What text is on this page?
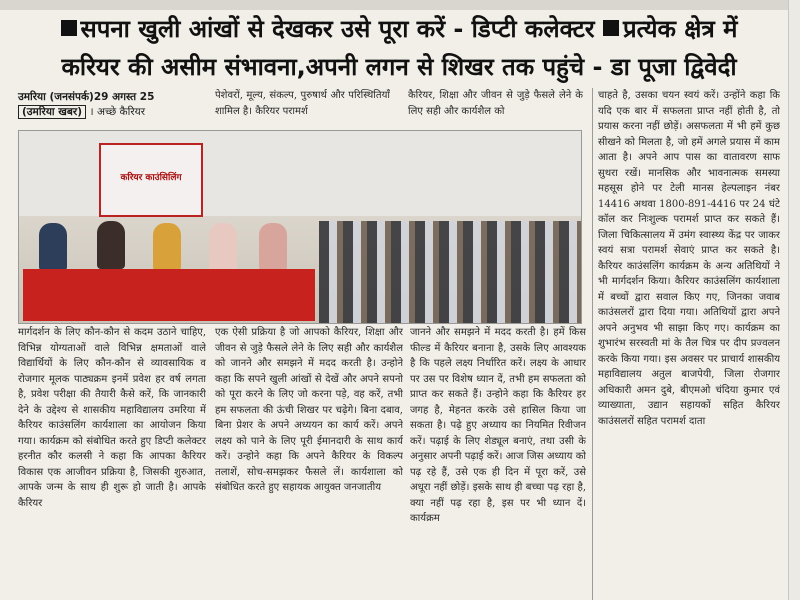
सपना खुली आंखों से देखकर उसे पूरा करें - डिप्टी कलेक्टर प्रत्येक क्षेत्र में
करियर की असीम संभावना,अपनी लगन से शिखर तक पहुंचे - डा पूजा द्विवेदी
उमरिया (जनसंपर्क)29 अगस्त 25
(उमरिया खबर) । अच्छे कैरियर
पेशेवरों, मूल्य, संकल्प, पुरुषार्थ और परिस्थितियाँ शामिल है। कैरियर परामर्श
कैरियर, शिक्षा और जीवन से जुड़े फैसले लेने के लिए सही और कार्यशैल को
करियर काउंसिलिंग
मार्गदर्शन के लिए कौन-कौन से कदम उठाने चाहिए, विभिन्न योग्यताओं वाले विभिन्न क्षमताओं वाले विद्यार्थियों के लिए कौन-कौन से व्यावसायिक व रोजगार मूलक पाठ्यक्रम इनमें प्रवेश हर वर्ष लगता है, प्रवेश परीक्षा की तैयारी कैसे करें, कि जानकारी देने के उद्देश्य से शासकीय महाविद्यालय उमरिया में कैरियर काउंसलिंग कार्यशाला का आयोजन किया गया। कार्यक्रम को संबोधित करते हुए डिप्टी कलेक्टर हरनीत कौर कलसी ने कहा कि आपका कैरियर विकास एक आजीवन प्रक्रिया है, जिसकी शुरुआत, आपके जन्म के साथ ही शुरू हो जाती है। आपके कैरियर
एक ऐसी प्रक्रिया है जो आपको कैरियर, शिक्षा और जीवन से जुड़े फैसले लेने के लिए सही और कार्यशैल को जानने और समझने में मदद करती है। उन्होने कहा कि सपने खुली आंखों से देखें और अपने सपनो को पूरा करने के लिए जो करना पड़े, वह करें, तभी हम सफलता की ऊंची शिखर पर चढ़ेगे। बिना दबाव, बिना प्रेशर के अपने अध्ययन का कार्य करें। अपने लक्ष्य को पाने के लिए पूरी ईमानदारी के साथ कार्य करें। उन्होने कहा कि अपने कैरियर के विकल्प तलाशें, सोच-समझकर फैसले लें। कार्यशाला को संबोधित करते हुए सहायक आयुक्त जनजातीय
जानने और समझने में मदद करती है। हमें किस फील्ड में कैरियर बनाना है, उसके लिए आवश्यक है कि पहले लक्ष्य निर्धारित करें। लक्ष्य के आधार पर उस पर विशेष ध्यान दें, तभी हम सफलता को प्राप्त कर सकते हैं। उन्होने कहा कि कैरियर हर जगह है, मेहनत करके उसे हासिल किया जा सकता है। पढ़े हुए अध्याय का नियमित रिवीजन करें। पढ़ाई के लिए शेड्यूल बनाएं, तथा उसी के अनुसार अपनी पढ़ाई करें। आज जिस अध्याय को पढ़ रहे हैं, उसे एक ही दिन में पूरा करें, उसे अधूरा नहीं छोड़ें। इसके साथ ही बच्चा पढ़ रहा है, क्या नहीं पढ़ रहा है, इस पर भी ध्यान दें। कार्यक्रम
चाहते है, उसका चयन स्वयं करें। उन्होंने कहा कि यदि एक बार में सफलता प्राप्त नहीं होती है, तो प्रयास करना नहीं छोड़ें। असफलता में भी हमें कुछ सीखने को मिलता है, जो हमें अगले प्रयास में काम आता है। अपने आप पास का वातावरण साफ सुथरा रखें। मानसिक और भावनात्मक समस्या महसूस होने पर टेली मानस हेल्पलाइन नंबर 14416 अथवा 1800-891-4416 पर 24 घंटे कॉल कर निःशुल्क परामर्श प्राप्त कर सकते हैं। जिला चिकित्सालय में उमंग स्वास्थ्य केंद्र पर जाकर स्वयं सत्रा परामर्श सेवाएं प्राप्त कर सकते है। कैरियर काउंसलिंग कार्यक्रम के अन्य अतिथियों ने भी मार्गदर्शन किया। कैरियर काउंसलिंग कार्यशाला में बच्चों द्वारा सवाल किए गए, जिनका जवाब काउंसलरों द्वारा दिया गया। अतिथियों द्वारा अपने अपने अनुभव भी साझा किए गए। कार्यक्रम का शुभारंभ सरस्वती मां के तैल चित्र पर दीप प्रज्वलन करके किया गया। इस अवसर पर प्राचार्य शासकीय महाविद्यालय अतुल बाजपेयी, जिला रोजगार अधिकारी अमन दुबे, बीएमओ चंदिया कुमार एवं व्याख्याता, उद्यान सहायकों सहित कैरियर काउंसलरों सहित परामर्श दाता
